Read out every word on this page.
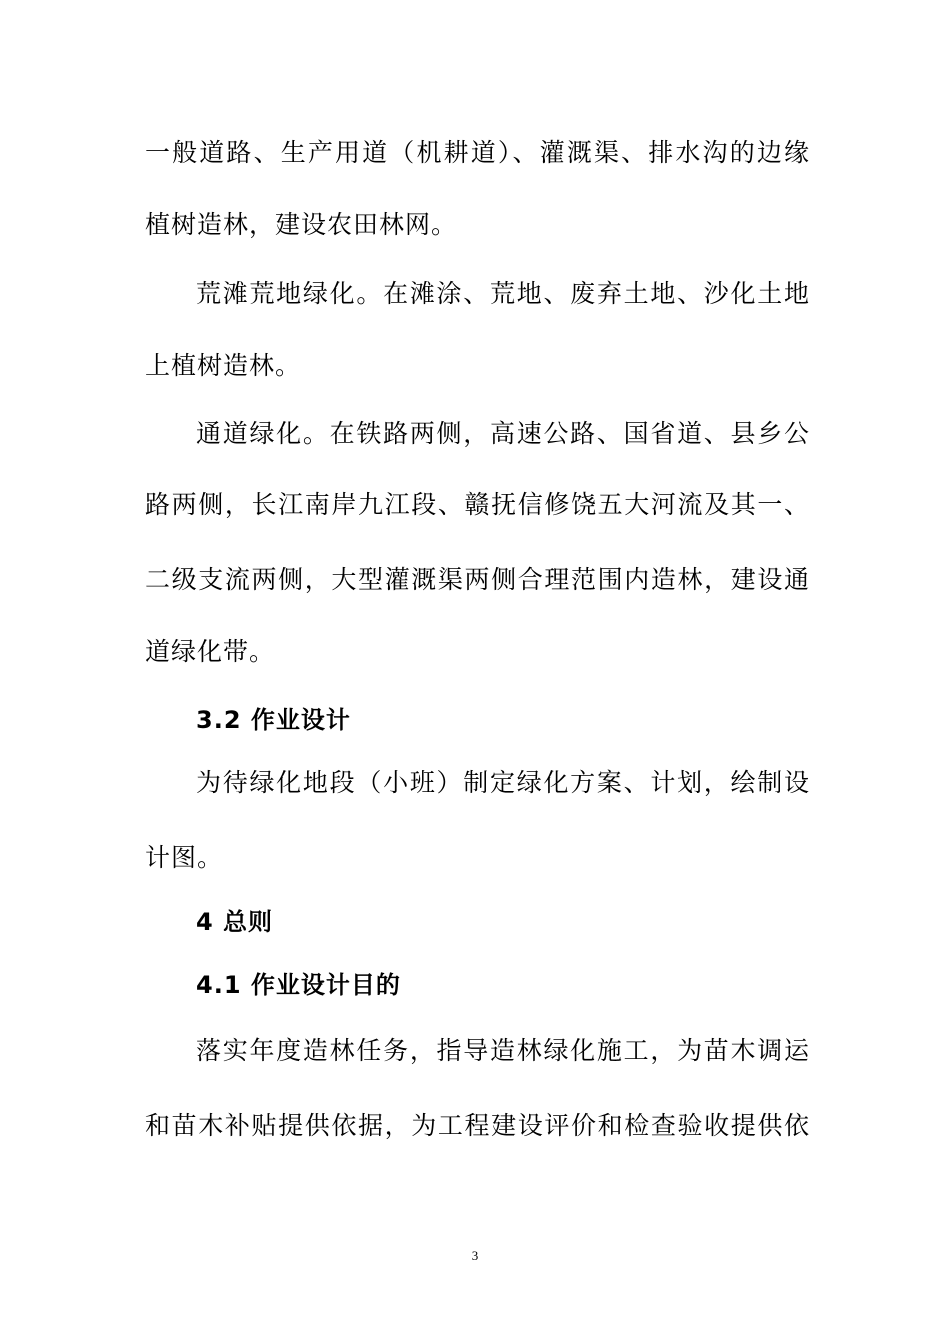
一般道路、生产用道（机耕道）、灌溉渠、排水沟的边缘
植树造林，建设农田林网。
荒滩荒地绿化。在滩涂、荒地、废弃土地、沙化土地
上植树造林。
通道绿化。在铁路两侧，高速公路、国省道、县乡公
路两侧，长江南岸九江段、赣抚信修饶五大河流及其一、
二级支流两侧，大型灌溉渠两侧合理范围内造林，建设通
道绿化带。
3.2 作业设计
为待绿化地段（小班）制定绿化方案、计划，绘制设
计图。
4 总则
4.1 作业设计目的
落实年度造林任务，指导造林绿化施工，为苗木调运
和苗木补贴提供依据，为工程建设评价和检查验收提供依
3
